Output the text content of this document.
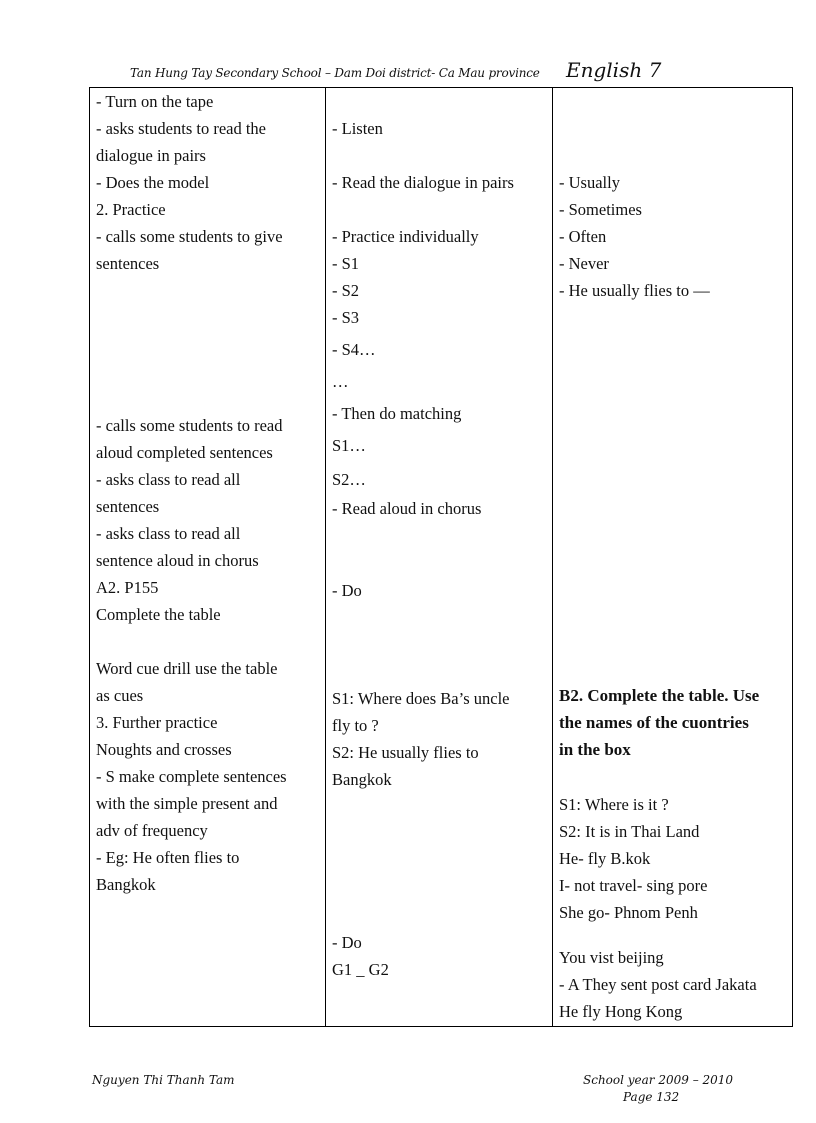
Tan Hung Tay Secondary School – Dam Doi district- Ca Mau province English 7
- Turn on the tape
- asks students to read the
dialogue in pairs
- Does the model
2. Practice
- calls some students to give
sentences
- calls some students to read
aloud completed sentences
- asks class to read all
sentences
- asks class to read all
sentence aloud in chorus
A2. P155
Complete the table
Word cue drill use the table
as cues
3. Further practice
Noughts and crosses
- S make complete sentences
with the simple present and
adv of frequency
- Eg: He often flies to
Bangkok
- Listen
- Read the dialogue in pairs
- Practice individually
- S1
- S2
- S3
- S4…
…
- Then do matching
S1…
S2…
- Read aloud in chorus
- Do
S1: Where does Ba’s uncle
fly to ?
S2: He usually flies to
Bangkok
- Do
G1 _ G2
- Usually
- Sometimes
- Often
- Never
- He usually flies to —
B2. Complete the table. Use
the names of the cuontries
in the box
S1: Where is it ?
S2: It is in Thai Land
He- fly B.kok
I- not travel- sing pore
She go- Phnom Penh
You vist beijing
- A They sent post card Jakata
He fly Hong Kong
Nguyen Thi Thanh Tam	School year 2009 – 2010
Page 132
